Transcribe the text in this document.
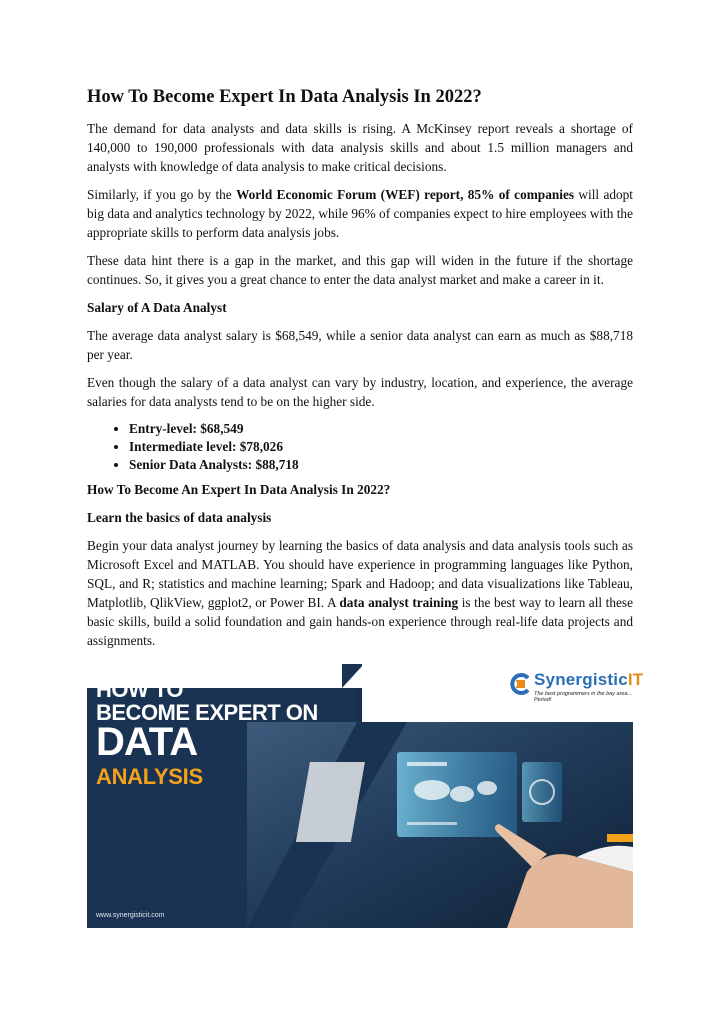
How To Become Expert In Data Analysis In 2022?

The demand for data analysts and data skills is rising. A McKinsey report reveals a shortage of 140,000 to 190,000 professionals with data analysis skills and about 1.5 million managers and analysts with knowledge of data analysis to make critical decisions.

Similarly, if you go by the World Economic Forum (WEF) report, 85% of companies will adopt big data and analytics technology by 2022, while 96% of companies expect to hire employees with the appropriate skills to perform data analysis jobs.

These data hint there is a gap in the market, and this gap will widen in the future if the shortage continues. So, it gives you a great chance to enter the data analyst market and make a career in it.

Salary of A Data Analyst

The average data analyst salary is $68,549, while a senior data analyst can earn as much as $88,718 per year.

Even though the salary of a data analyst can vary by industry, location, and experience, the average salaries for data analysts tend to be on the higher side.

• Entry-level: $68,549
• Intermediate level: $78,026
• Senior Data Analysts: $88,718
How To Become An Expert In Data Analysis In 2022?
Learn the basics of data analysis

Begin your data analyst journey by learning the basics of data analysis and data analysis tools such as Microsoft Excel and MATLAB. You should have experience in programming languages like Python, SQL, and R; statistics and machine learning; Spark and Hadoop; and data visualizations like Tableau, Matplotlib, QlikView, ggplot2, or Power BI. A data analyst training is the best way to learn all these basic skills, build a solid foundation and gain hands-on experience through real-life data projects and assignments.

SynergisticIT
The best programmers in the bay area... Period!
HOW TO
BECOME EXPERT ON
DATA
ANALYSIS
www.synergisticit.com
